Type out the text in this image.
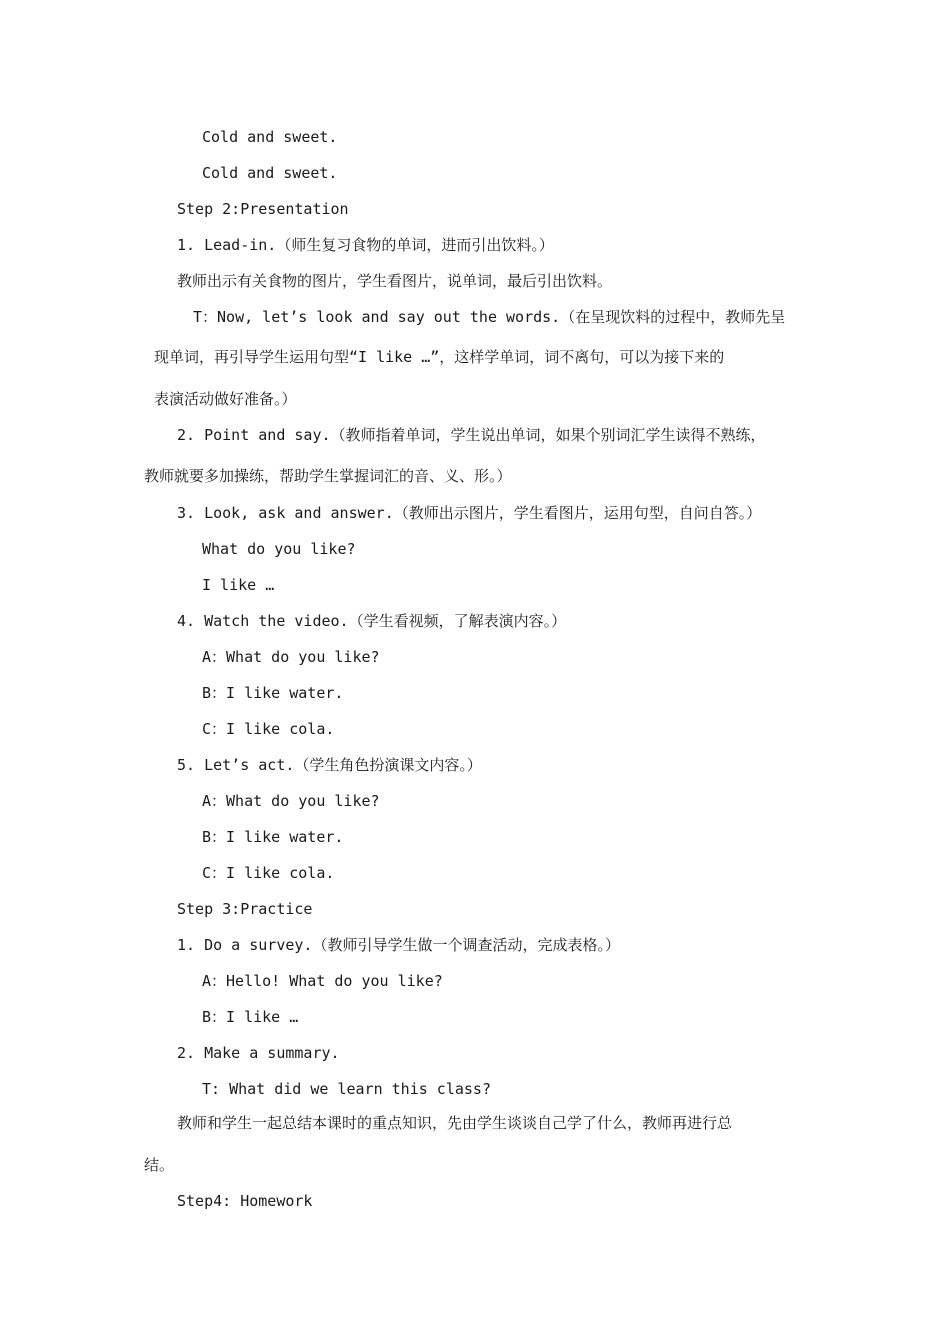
Cold and sweet.
Cold and sweet.
Step 2:Presentation
1. Lead-in.（师生复习食物的单词，进而引出饮料。）
教师出示有关食物的图片，学生看图片，说单词，最后引出饮料。
T：Now, let’s look and say out the words.（在呈现饮料的过程中，教师先呈
现单词，再引导学生运用句型“I like …”，这样学单词，词不离句，可以为接下来的
表演活动做好准备。）
2. Point and say.（教师指着单词，学生说出单词，如果个别词汇学生读得不熟练，
教师就要多加操练，帮助学生掌握词汇的音、义、形。）
3. Look, ask and answer.（教师出示图片，学生看图片，运用句型，自问自答。）
What do you like?
I like …
4. Watch the video.（学生看视频，了解表演内容。）
A：What do you like?
B：I like water.
C：I like cola.
5. Let’s act.（学生角色扮演课文内容。）
A：What do you like?
B：I like water.
C：I like cola.
Step 3:Practice
1. Do a survey.（教师引导学生做一个调查活动，完成表格。）
A：Hello! What do you like?
B：I like …
2. Make a summary.
T: What did we learn this class?
教师和学生一起总结本课时的重点知识，先由学生谈谈自己学了什么，教师再进行总
结。
Step4: Homework
